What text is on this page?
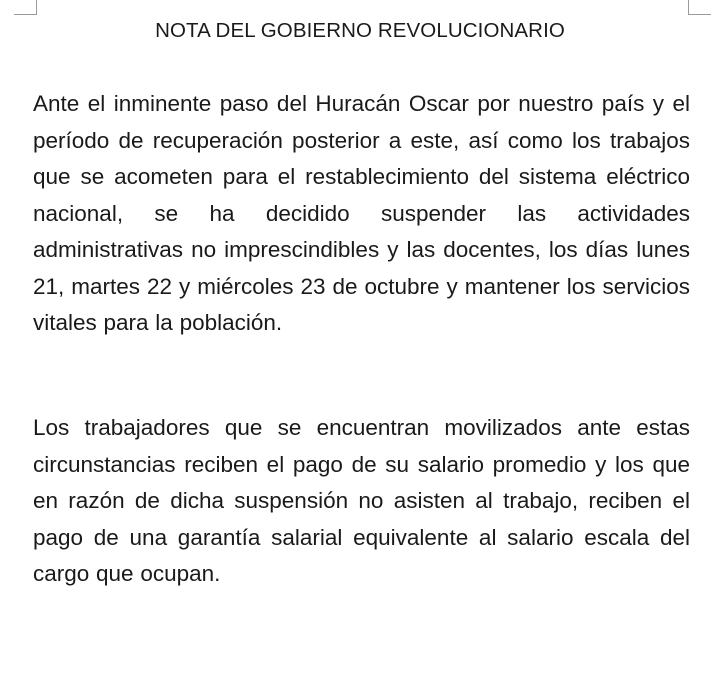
NOTA DEL GOBIERNO REVOLUCIONARIO

Ante el inminente paso del Huracán Oscar por nuestro país y el período de recuperación posterior a este, así como los trabajos que se acometen para el restablecimiento del sistema eléctrico nacional, se ha decidido suspender las actividades administrativas no imprescindibles y las docentes, los días lunes 21, martes 22 y miércoles 23 de octubre y mantener los servicios vitales para la población.

Los trabajadores que se encuentran movilizados ante estas circunstancias reciben el pago de su salario promedio y los que en razón de dicha suspensión no asisten al trabajo, reciben el pago de una garantía salarial equivalente al salario escala del cargo que ocupan.
